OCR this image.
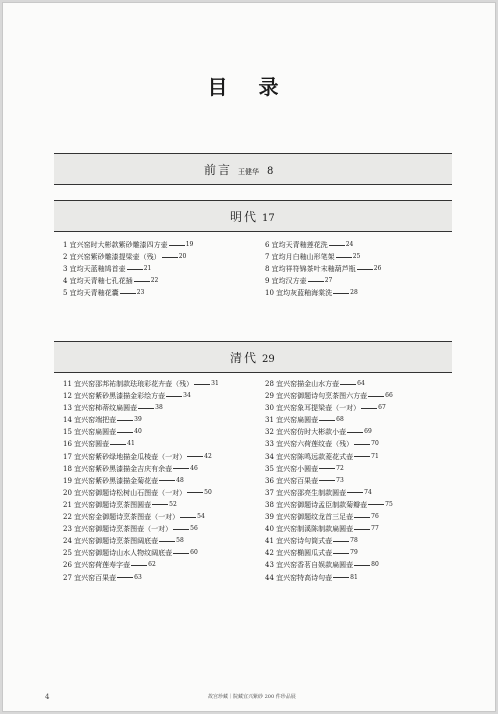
目 录
前言 王健华 8
明代 17
1 宜兴窑时大彬款紫砂雕漆四方壶	19
2 宜兴窑紫砂雕漆提梁壶（残）	20
3 宜均天蓝釉鸠首壶	21
4 宜均天青釉七孔花插	22
5 宜均天青釉花囊	23
6 宜均天青釉莲花洗	24
7 宜均月白釉山形笔架	25
8 宜均祥符锦茶叶末釉葫芦瓶	26
9 宜均汉方壶	27
10 宜均灰蓝釉海棠洗	28
清代 29
11 宜兴窑邵邦祐制款珐琅彩花卉壶（残）	31
12 宜兴窑紫砂黑漆描金彩绘方壶	34
13 宜兴窑柿蒂纹扁圆壶	38
14 宜兴窑端把壶	39
15 宜兴窑扁圆壶	40
16 宜兴窑圆壶	41
17 宜兴窑紫砂绿地描金瓜棱壶（一对）	42
18 宜兴窑紫砂黑漆描金吉庆有余壶	46
19 宜兴窑紫砂黑漆描金菊花壶	48
20 宜兴窑御题诗松树山石图壶（一对）	50
21 宜兴窑御题诗烹茶图圆壶	52
22 宜兴窑金御题诗烹茶图壶（一对）	54
23 宜兴窑御题诗烹茶图壶（一对）	56
24 宜兴窑御题诗烹茶图阔底壶	58
25 宜兴窑御题诗山水人物纹阔底壶	60
26 宜兴窑荷莲寿字壶	62
27 宜兴窑百果壶	63
28 宜兴窑描金山水方壶	64
29 宜兴窑御题诗句烹茶图六方壶	66
30 宜兴窑象耳提梁壶（一对）	67
31 宜兴窑扁圆壶	68
32 宜兴窑仿时大彬款小壶	69
33 宜兴窑六荷莲纹壶（残）	70
34 宜兴窑陈鸣远款菱花式壶	71
35 宜兴窑小圆壶	72
36 宜兴窑百果壶	73
37 宜兴窑邵亮生制款圆壶	74
38 宜兴窑御题诗孟臣制款菊瓣壶	75
39 宜兴窑御题纹龙首三足壶	76
40 宜兴窑制溪陈制款扁圆壶	77
41 宜兴窑诗句筒式壶	78
42 宜兴窑椭圆瓜式壶	79
43 宜兴窑香茗自娱款扁圆壶	80
44 宜兴窑特高诗句壶	81
4	故宫珍藏｜院藏宜兴紫砂 200 件珍品展
